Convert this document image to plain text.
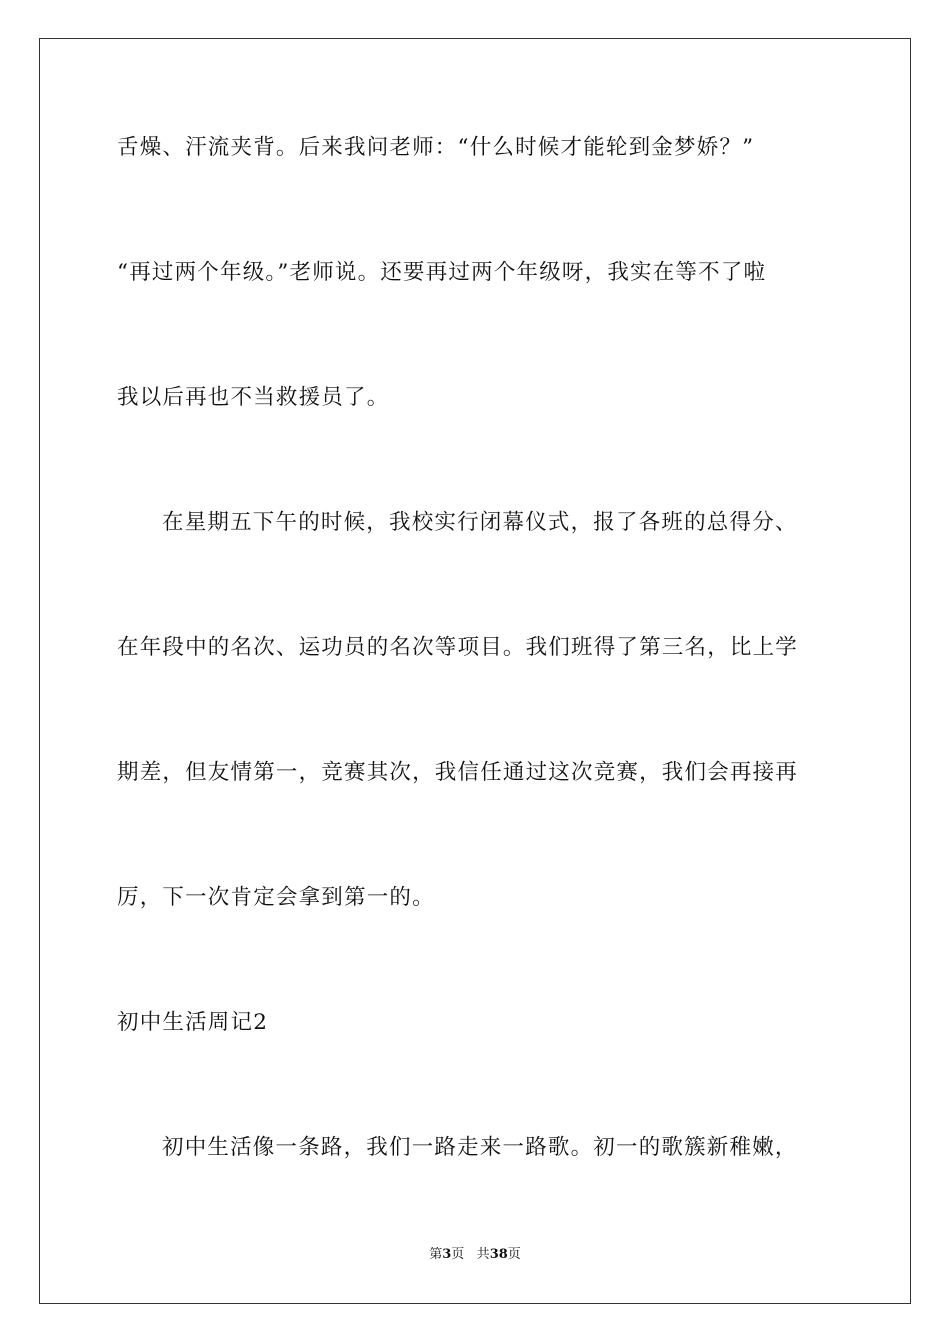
舌燥、汗流夹背。后来我问老师：“什么时候才能轮到金梦娇？”
“再过两个年级。”老师说。还要再过两个年级呀，我实在等不了啦
我以后再也不当救援员了。
在星期五下午的时候，我校实行闭幕仪式，报了各班的总得分、
在年段中的名次、运功员的名次等项目。我们班得了第三名，比上学
期差，但友情第一，竞赛其次，我信任通过这次竞赛，我们会再接再
厉，下一次肯定会拿到第一的。
初中生活周记2
初中生活像一条路，我们一路走来一路歌。初一的歌簇新稚嫩，
第3页 共38页
